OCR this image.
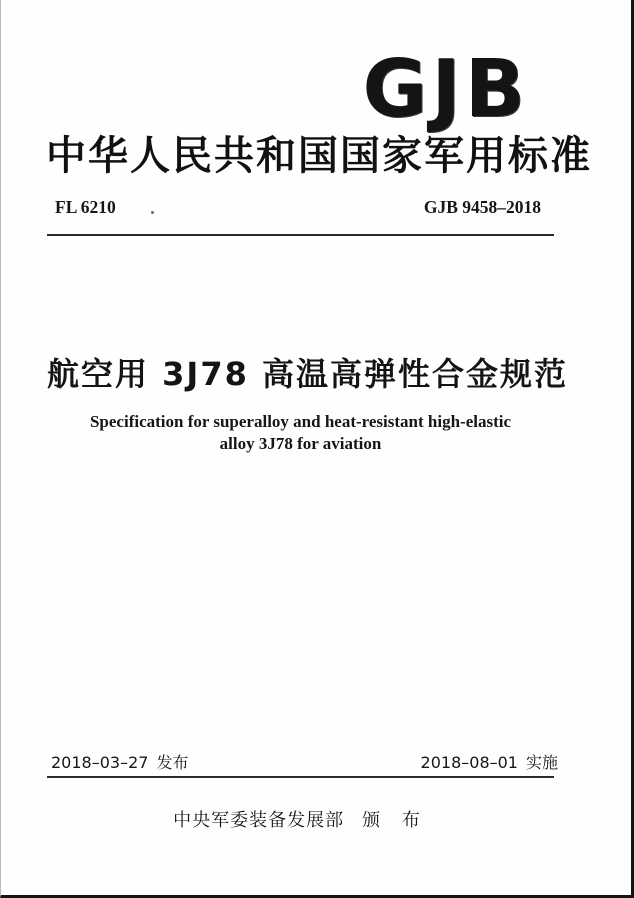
GJB
中华人民共和国国家军用标准
FL 6210	GJB 9458–2018
航空用 3J78 高温高弹性合金规范
Specification for superalloy and heat-resistant high-elastic
alloy 3J78 for aviation
2018–03–27 发布	2018–08–01 实施
中央军委装备发展部 颁 布
